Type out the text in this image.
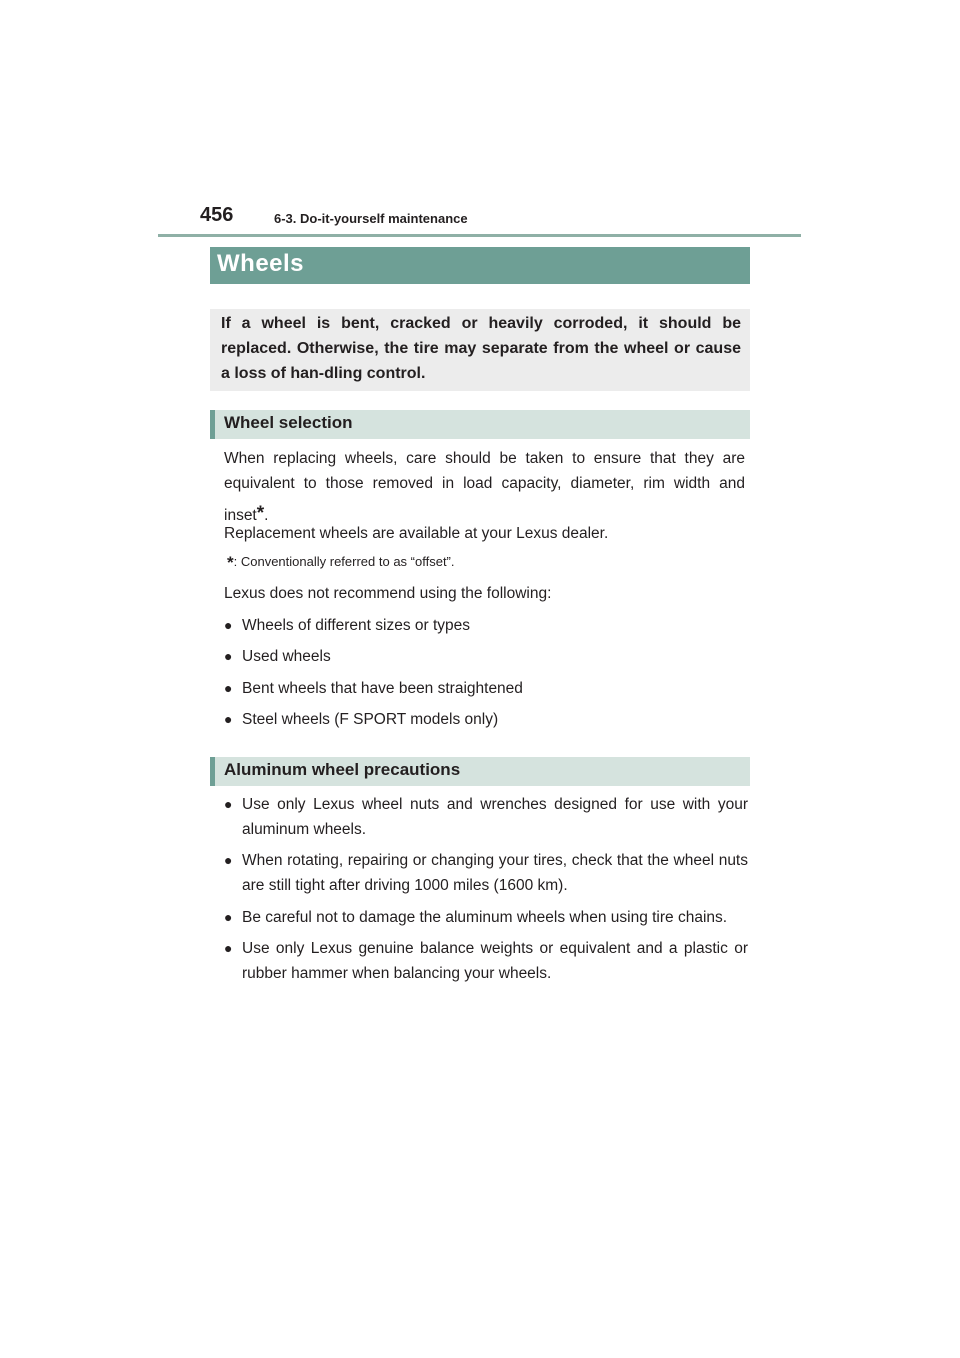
456	6-3. Do-it-yourself maintenance
Wheels
If a wheel is bent, cracked or heavily corroded, it should be replaced. Otherwise, the tire may separate from the wheel or cause a loss of han-dling control.
Wheel selection
When replacing wheels, care should be taken to ensure that they are equivalent to those removed in load capacity, diameter, rim width and inset*.
Replacement wheels are available at your Lexus dealer.
*: Conventionally referred to as “offset”.
Lexus does not recommend using the following:
● Wheels of different sizes or types
● Used wheels
● Bent wheels that have been straightened
● Steel wheels (F SPORT models only)
Aluminum wheel precautions
● Use only Lexus wheel nuts and wrenches designed for use with your aluminum wheels.
● When rotating, repairing or changing your tires, check that the wheel nuts are still tight after driving 1000 miles (1600 km).
● Be careful not to damage the aluminum wheels when using tire chains.
● Use only Lexus genuine balance weights or equivalent and a plastic or rubber hammer when balancing your wheels.
